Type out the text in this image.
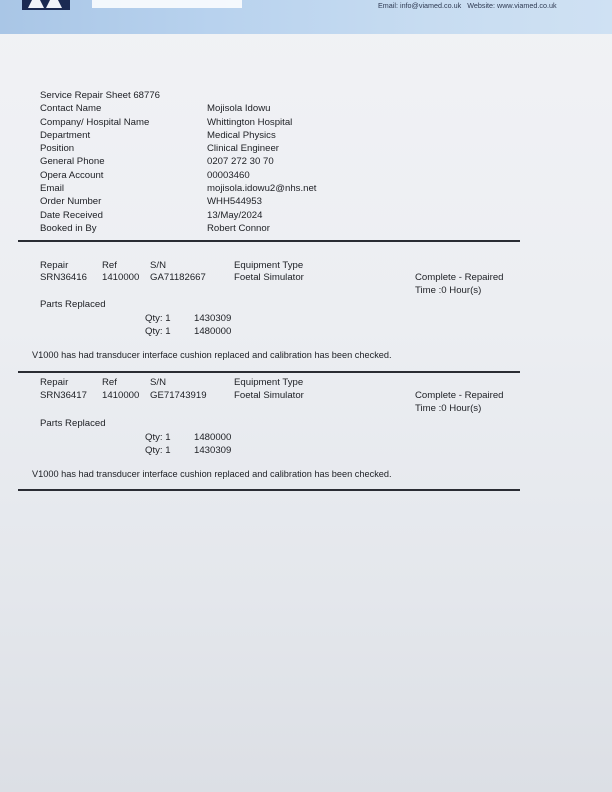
Email: info@viamed.co.uk Website: www.viamed.co.uk
Service Repair Sheet 68776
Contact Name	Mojisola Idowu
Company/ Hospital Name	Whittington Hospital
Department	Medical Physics
Position	Clinical Engineer
General Phone	0207 272 30 70
Opera Account	00003460
Email	mojisola.idowu2@nhs.net
Order Number	WHH544953
Date Received	13/May/2024
Booked in By	Robert Connor
Repair	Ref	S/N	Equipment Type
SRN36416 1410000 GA71182667	Foetal Simulator	Complete - Repaired
Time :0 Hour(s)
Parts Replaced
Qty: 1 1430309
Qty: 1 1480000
V1000 has had transducer interface cushion replaced and calibration has been checked.
Repair	Ref	S/N	Equipment Type
SRN36417 1410000 GE71743919	Foetal Simulator	Complete - Repaired
Time :0 Hour(s)
Parts Replaced
Qty: 1 1480000
Qty: 1 1430309
V1000 has had transducer interface cushion replaced and calibration has been checked.
